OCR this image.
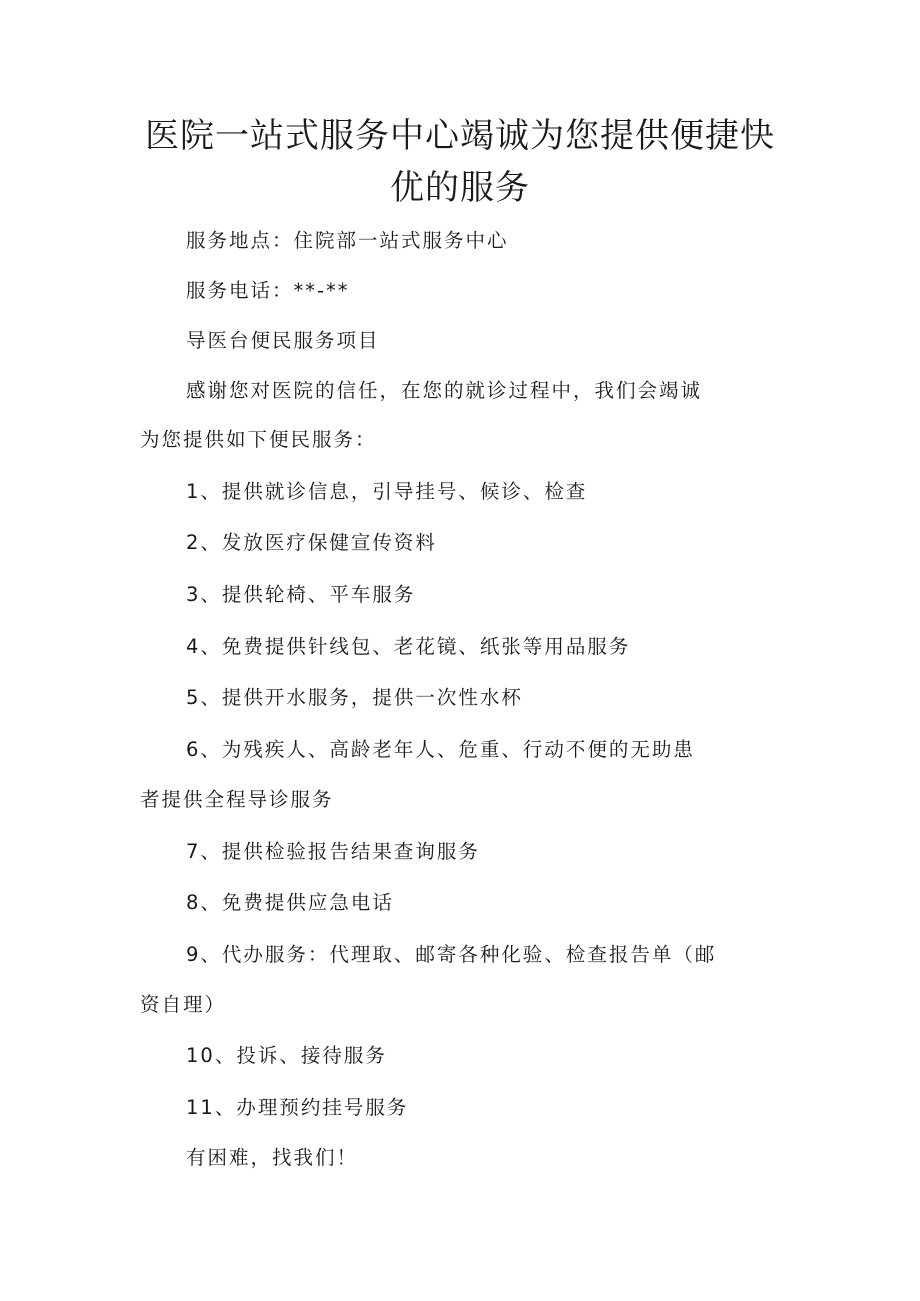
医院一站式服务中心竭诚为您提供便捷快
优的服务
服务地点：住院部一站式服务中心
服务电话：**-**
导医台便民服务项目
感谢您对医院的信任，在您的就诊过程中，我们会竭诚
为您提供如下便民服务：
1、提供就诊信息，引导挂号、候诊、检查
2、发放医疗保健宣传资料
3、提供轮椅、平车服务
4、免费提供针线包、老花镜、纸张等用品服务
5、提供开水服务，提供一次性水杯
6、为残疾人、高龄老年人、危重、行动不便的无助患
者提供全程导诊服务
7、提供检验报告结果查询服务
8、免费提供应急电话
9、代办服务：代理取、邮寄各种化验、检查报告单（邮
资自理）
10、投诉、接待服务
11、办理预约挂号服务
有困难，找我们！
